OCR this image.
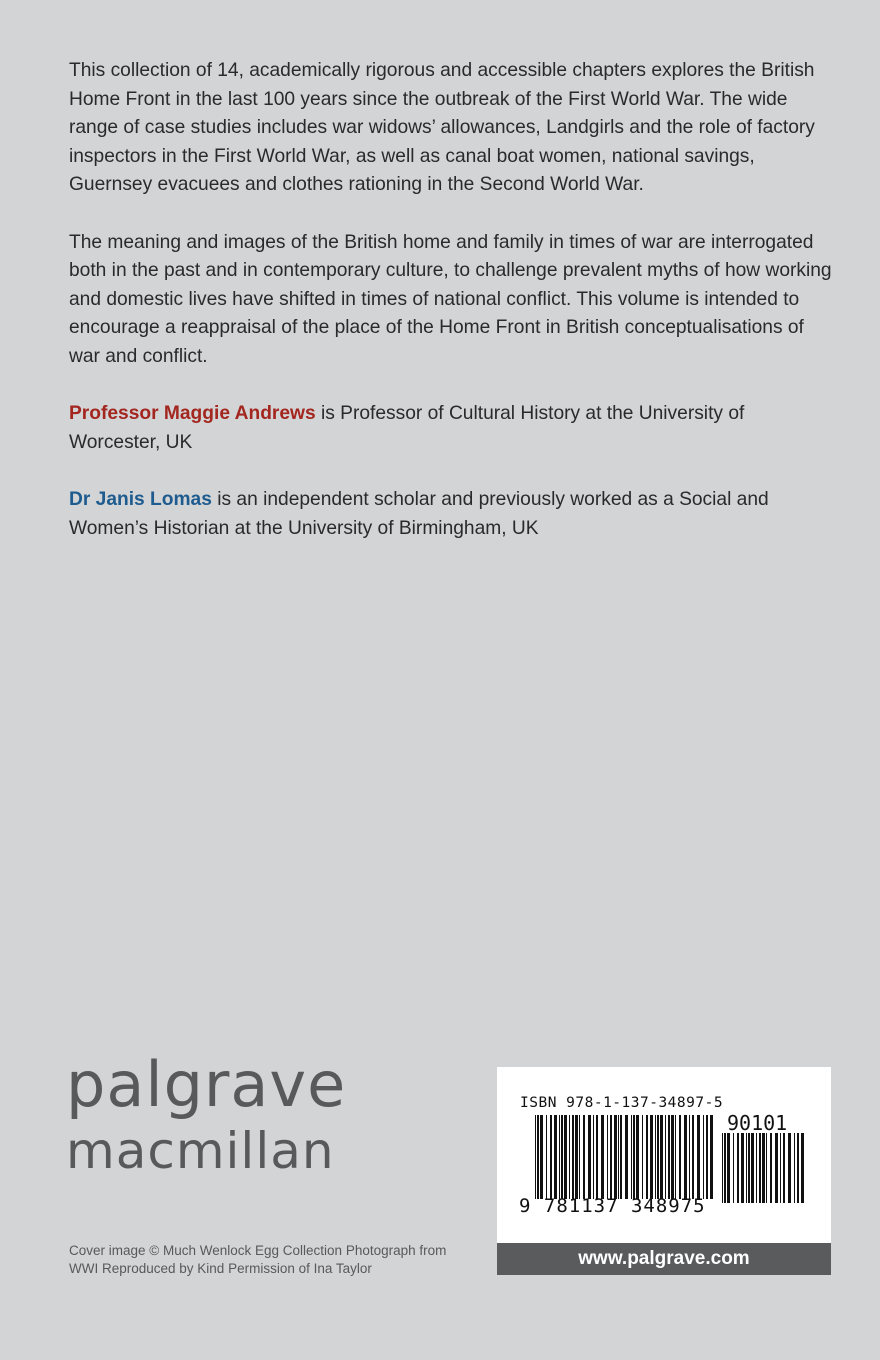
This collection of 14, academically rigorous and accessible chapters explores the British Home Front in the last 100 years since the outbreak of the First World War. The wide range of case studies includes war widows’ allowances, Landgirls and the role of factory inspectors in the First World War, as well as canal boat women, national savings, Guernsey evacuees and clothes rationing in the Second World War.

The meaning and images of the British home and family in times of war are interrogated both in the past and in contemporary culture, to challenge prevalent myths of how working and domestic lives have shifted in times of national conflict. This volume is intended to encourage a reappraisal of the place of the Home Front in British conceptualisations of war and conflict.

Professor Maggie Andrews is Professor of Cultural History at the University of Worcester, UK

Dr Janis Lomas is an independent scholar and previously worked as a Social and Women’s Historian at the University of Birmingham, UK

palgrave
macmillan
Cover image © Much Wenlock Egg Collection Photograph from WWI Reproduced by Kind Permission of Ina Taylor
ISBN 978-1-137-34897-5
90101
9 781137 348975
www.palgrave.com
